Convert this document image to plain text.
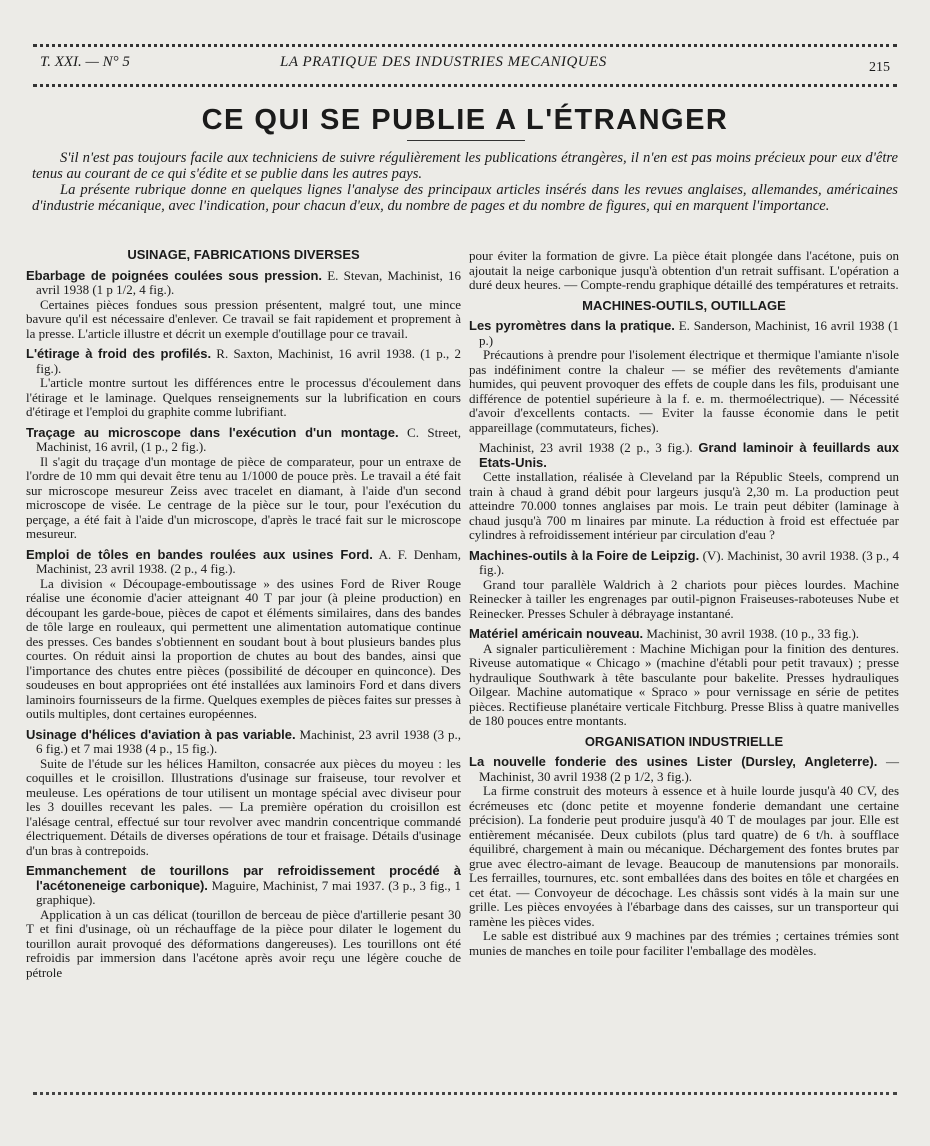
T. XXI. — N° 5	LA PRATIQUE DES INDUSTRIES MECANIQUES	215
CE QUI SE PUBLIE A L'ÉTRANGER

S'il n'est pas toujours facile aux techniciens de suivre régulièrement les publications étrangères, il n'en est pas moins précieux pour eux d'être tenus au courant de ce qui s'édite et se publie dans les autres pays.

La présente rubrique donne en quelques lignes l'analyse des principaux articles insérés dans les revues anglaises, allemandes, américaines d'industrie mécanique, avec l'indication, pour chacun d'eux, du nombre de pages et du nombre de figures, qui en marquent l'importance.

USINAGE, FABRICATIONS DIVERSES

Ebarbage de poignées coulées sous pression. E. Stevan, Machinist, 16 avril 1938 (1 p 1/2, 4 fig.).

Certaines pièces fondues sous pression présentent, malgré tout, une mince bavure qu'il est nécessaire d'enlever. Ce travail se fait rapidement et proprement à la presse. L'article illustre et décrit un exemple d'outillage pour ce travail.

L'étirage à froid des profilés. R. Saxton, Machinist, 16 avril 1938. (1 p., 2 fig.).

L'article montre surtout les différences entre le processus d'écoulement dans l'étirage et le laminage. Quelques renseignements sur la lubrification en cours d'étirage et l'emploi du graphite comme lubrifiant.

Traçage au microscope dans l'exécution d'un montage. C. Street, Machinist, 16 avril, (1 p., 2 fig.).

Il s'agit du traçage d'un montage de pièce de comparateur, pour un entraxe de l'ordre de 10 mm qui devait être tenu au 1/1000 de pouce près. Le travail a été fait sur microscope mesureur Zeiss avec tracelet en diamant, à l'aide d'un second microscope de visée. Le centrage de la pièce sur le tour, pour l'exécution du perçage, a été fait à l'aide d'un microscope, d'après le tracé fait sur le microscope mesureur.

Emploi de tôles en bandes roulées aux usines Ford. A. F. Denham, Machinist, 23 avril 1938. (2 p., 4 fig.).

La division « Découpage-emboutissage » des usines Ford de River Rouge réalise une économie d'acier atteignant 40 T par jour (à pleine production) en découpant les garde-boue, pièces de capot et éléments similaires, dans des bandes de tôle large en rouleaux, qui permettent une alimentation automatique continue des presses. Ces bandes s'obtiennent en soudant bout à bout plusieurs bandes plus courtes. On réduit ainsi la proportion de chutes au bout des bandes, ainsi que l'importance des chutes entre pièces (possibilité de découper en quinconce). Des soudeuses en bout appropriées ont été installées aux laminoirs Ford et dans divers laminoirs fournisseurs de la firme. Quelques exemples de pièces faites sur presses à outils multiples, dont certaines européennes.

Usinage d'hélices d'aviation à pas variable. Machinist, 23 avril 1938 (3 p., 6 fig.) et 7 mai 1938 (4 p., 15 fig.).

Suite de l'étude sur les hélices Hamilton, consacrée aux pièces du moyeu : les coquilles et le croisillon. Illustrations d'usinage sur fraiseuse, tour revolver et meuleuse. Les opérations de tour utilisent un montage spécial avec diviseur pour les 3 douilles recevant les pales. — La première opération du croisillon est l'alésage central, effectué sur tour revolver avec mandrin concentrique commandé électriquement. Détails de diverses opérations de tour et fraisage. Détails d'usinage d'un bras à contrepoids.

Emmanchement de tourillons par refroidissement procédé à l'acétoneneige carbonique). Maguire, Machinist, 7 mai 1937. (3 p., 3 fig., 1 graphique).

Application à un cas délicat (tourillon de berceau de pièce d'artillerie pesant 30 T et fini d'usinage, où un réchauffage de la pièce pour dilater le logement du tourillon aurait provoqué des déformations dangereuses). Les tourillons ont été refroidis par immersion dans l'acétone après avoir reçu une légère couche de pétrole

pour éviter la formation de givre. La pièce était plongée dans l'acétone, puis on ajoutait la neige carbonique jusqu'à obtention d'un retrait suffisant. L'opération a duré deux heures. — Compte-rendu graphique détaillé des températures et retraits.

MACHINES-OUTILS, OUTILLAGE

Les pyromètres dans la pratique. E. Sanderson, Machinist, 16 avril 1938 (1 p.)

Précautions à prendre pour l'isolement électrique et thermique l'amiante n'isole pas indéfiniment contre la chaleur — se méfier des revêtements d'amiante humides, qui peuvent provoquer des effets de couple dans les fils, produisant une différence de potentiel supérieure à la f. e. m. thermoélectrique). — Nécessité d'avoir d'excellents contacts. — Eviter la fausse économie dans le petit appareillage (commutateurs, fiches).

Machinist, 23 avril 1938 (2 p., 3 fig.). Grand laminoir à feuillards aux Etats-Unis.

Cette installation, réalisée à Cleveland par la Républic Steels, comprend un train à chaud à grand débit pour largeurs jusqu'à 2,30 m. La production peut atteindre 70.000 tonnes anglaises par mois. Le train peut débiter (laminage à chaud jusqu'à 700 m linaires par minute. La réduction à froid est effectuée par cylindres à refroidissement intérieur par circulation d'eau ?

Machines-outils à la Foire de Leipzig. (V). Machinist, 30 avril 1938. (3 p., 4 fig.).

Grand tour parallèle Waldrich à 2 chariots pour pièces lourdes. Machine Reinecker à tailler les engrenages par outil-pignon Fraiseuses-raboteuses Nube et Reinecker. Presses Schuler à débrayage instantané.

Matériel américain nouveau. Machinist, 30 avril 1938. (10 p., 33 fig.).

A signaler particulièrement : Machine Michigan pour la finition des dentures. Riveuse automatique « Chicago » (machine d'établi pour petit travaux) ; presse hydraulique Southwark à tête basculante pour bakelite. Presses hydrauliques Oilgear. Machine automatique « Spraco » pour vernissage en série de petites pièces. Rectifieuse planétaire verticale Fitchburg. Presse Bliss à quatre manivelles de 180 pouces entre montants.

ORGANISATION INDUSTRIELLE

La nouvelle fonderie des usines Lister (Dursley, Angleterre). — Machinist, 30 avril 1938 (2 p 1/2, 3 fig.).

La firme construit des moteurs à essence et à huile lourde jusqu'à 40 CV, des écrémeuses etc (donc petite et moyenne fonderie demandant une certaine précision). La fonderie peut produire jusqu'à 40 T de moulages par jour. Elle est entièrement mécanisée. Deux cubilots (plus tard quatre) de 6 t/h. à soufflace équilibré, chargement à main ou mécanique. Déchargement des fontes brutes par grue avec électro-aimant de levage. Beaucoup de manutensions par monorails. Les ferrailles, tournures, etc. sont emballées dans des boites en tôle et chargées en cet état. — Convoyeur de décochage. Les châssis sont vidés à la main sur une grille. Les pièces envoyées à l'ébarbage dans des caisses, sur un transporteur qui ramène les pièces vides.

Le sable est distribué aux 9 machines par des trémies ; certaines trémies sont munies de manches en toile pour faciliter l'emballage des modèles.
